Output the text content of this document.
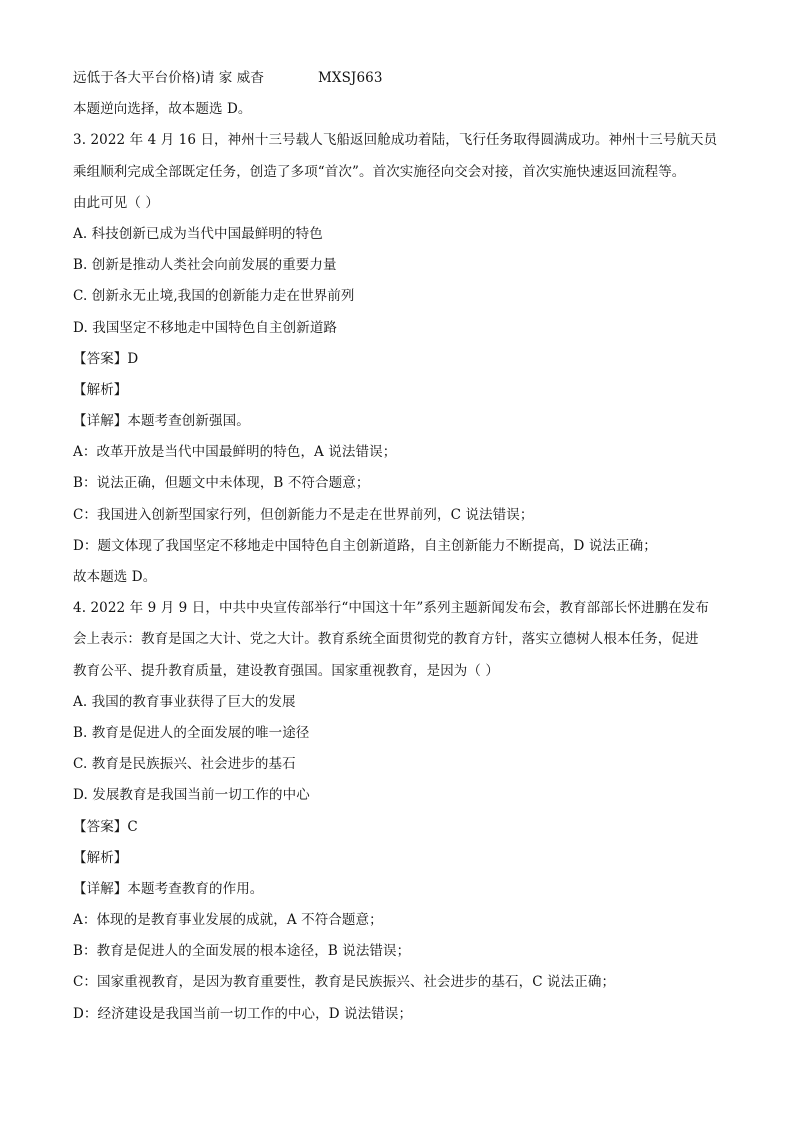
远低于各大平台价格)请 家 威杳	MXSJ663
本题逆向选择，故本题选 D。
3. 2022 年 4 月 16 日，神州十三号载人飞船返回舱成功着陆，飞行任务取得圆满成功。神州十三号航天员
乘组顺利完成全部既定任务，创造了多项“首次”。首次实施径向交会对接，首次实施快速返回流程等。
由此可见（ ）
A. 科技创新已成为当代中国最鲜明的特色
B. 创新是推动人类社会向前发展的重要力量
C. 创新永无止境,我国的创新能力走在世界前列
D. 我国坚定不移地走中国特色自主创新道路
【答案】D
【解析】
【详解】本题考查创新强国。
A：改革开放是当代中国最鲜明的特色，A 说法错误；
B：说法正确，但题文中未体现，B 不符合题意；
C：我国进入创新型国家行列，但创新能力不是走在世界前列，C 说法错误；
D：题文体现了我国坚定不移地走中国特色自主创新道路，自主创新能力不断提高，D 说法正确；
故本题选 D。
4. 2022 年 9 月 9 日，中共中央宣传部举行“中国这十年”系列主题新闻发布会，教育部部长怀进鹏在发布
会上表示：教育是国之大计、党之大计。教育系统全面贯彻党的教育方针，落实立德树人根本任务，促进
教育公平、提升教育质量，建设教育强国。国家重视教育，是因为（ ）
A. 我国的教育事业获得了巨大的发展
B. 教育是促进人的全面发展的唯一途径
C. 教育是民族振兴、社会进步的基石
D. 发展教育是我国当前一切工作的中心
【答案】C
【解析】
【详解】本题考查教育的作用。
A：体现的是教育事业发展的成就，A 不符合题意；
B：教育是促进人的全面发展的根本途径，B 说法错误；
C：国家重视教育，是因为教育重要性，教育是民族振兴、社会进步的基石，C 说法正确；
D：经济建设是我国当前一切工作的中心，D 说法错误；
